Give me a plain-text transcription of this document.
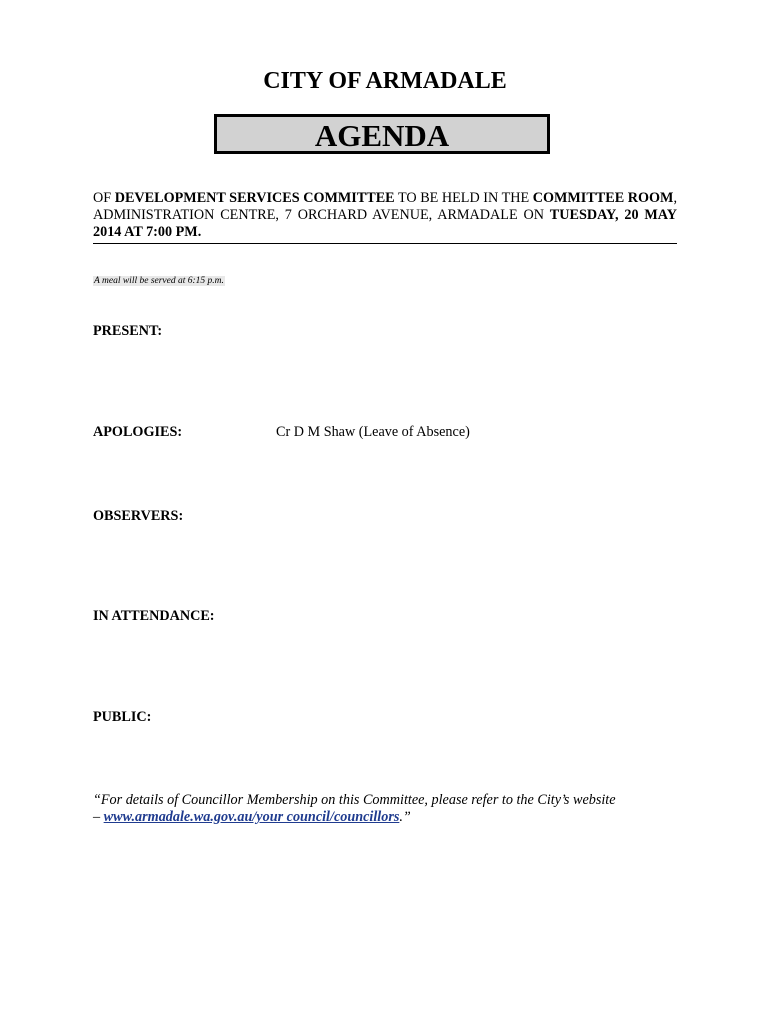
CITY OF ARMADALE
AGENDA
OF DEVELOPMENT SERVICES COMMITTEE TO BE HELD IN THE COMMITTEE ROOM, ADMINISTRATION CENTRE, 7 ORCHARD AVENUE, ARMADALE ON TUESDAY, 20 MAY 2014 AT 7:00 PM.
A meal will be served at 6:15 p.m.
PRESENT:
APOLOGIES:	Cr D M Shaw (Leave of Absence)
OBSERVERS:
IN ATTENDANCE:
PUBLIC:
“For details of Councillor Membership on this Committee, please refer to the City’s website
– www.armadale.wa.gov.au/your council/councillors.”
